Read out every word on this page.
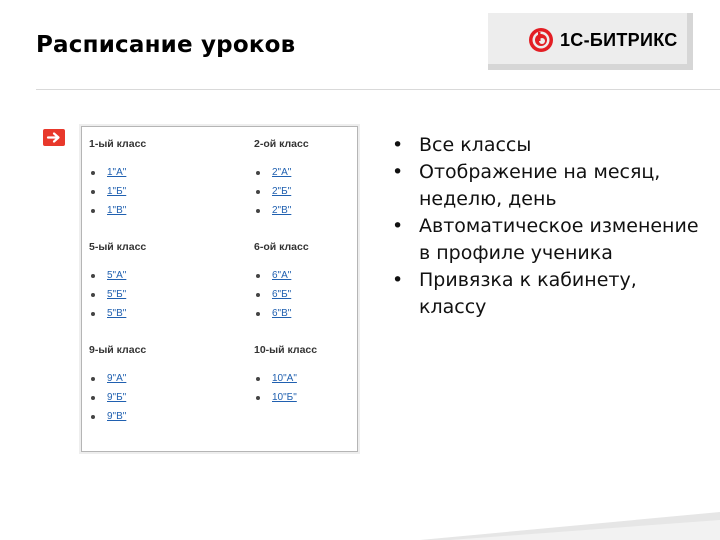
Расписание уроков	1С-БИТРИКС
1-ый класс
1"А"
1"Б"
1"В"
2-ой класс
2"А"
2"Б"
2"В"
5-ый класс
5"А"
5"Б"
5"В"
6-ой класс
6"А"
6"Б"
6"В"
9-ый класс
9"А"
9"Б"
9"В"
10-ый класс
10"А"
10"Б"
• Все классы
• Отображение на месяц, неделю, день
• Автоматическое изменение в профиле ученика
• Привязка к кабинету, классу
